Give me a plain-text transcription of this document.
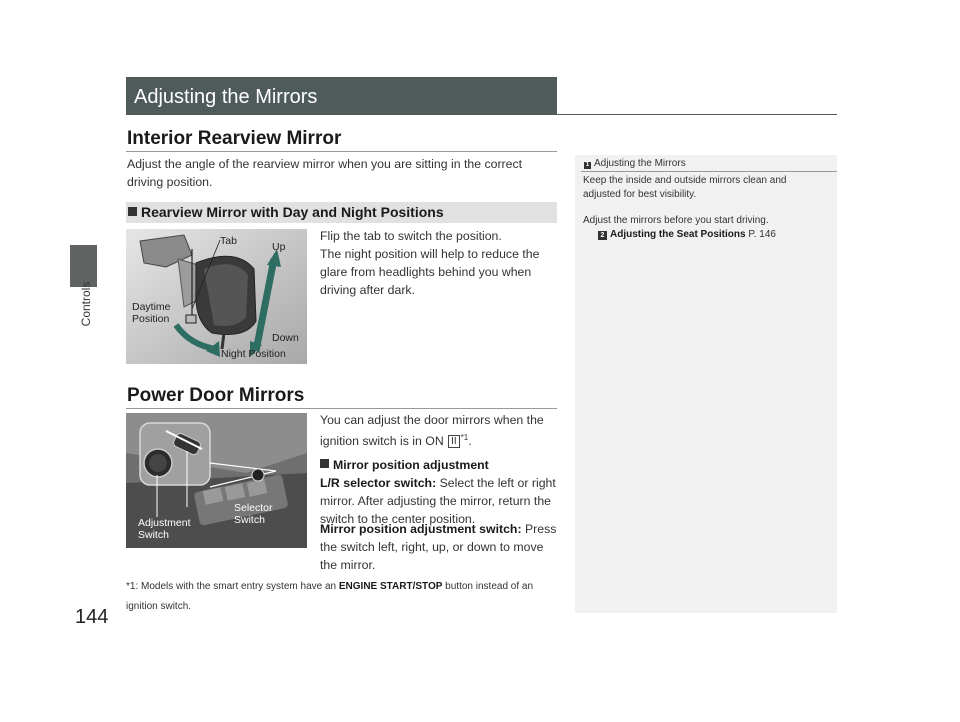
Controls
144
Adjusting the Mirrors
Interior Rearview Mirror
Adjust the angle of the rearview mirror when you are sitting in the correct driving position.
Rearview Mirror with Day and Night Positions
Flip the tab to switch the position.
The night position will help to reduce the glare from headlights behind you when driving after dark.
Tab	Up
Daytime Position
Down
Night Position
Power Door Mirrors
Selector Switch
Adjustment Switch
You can adjust the door mirrors when the ignition switch is in ON II $^{*1}$.
Mirror position adjustment
L/R selector switch: Select the left or right mirror. After adjusting the mirror, return the switch to the center position.
Mirror position adjustment switch: Press the switch left, right, up, or down to move the mirror.
*1: Models with the smart entry system have an ENGINE START/STOP button instead of an ignition switch.
1 Adjusting the Mirrors
Keep the inside and outside mirrors clean and adjusted for best visibility.
Adjust the mirrors before you start driving.
2 Adjusting the Seat Positions P. 146
